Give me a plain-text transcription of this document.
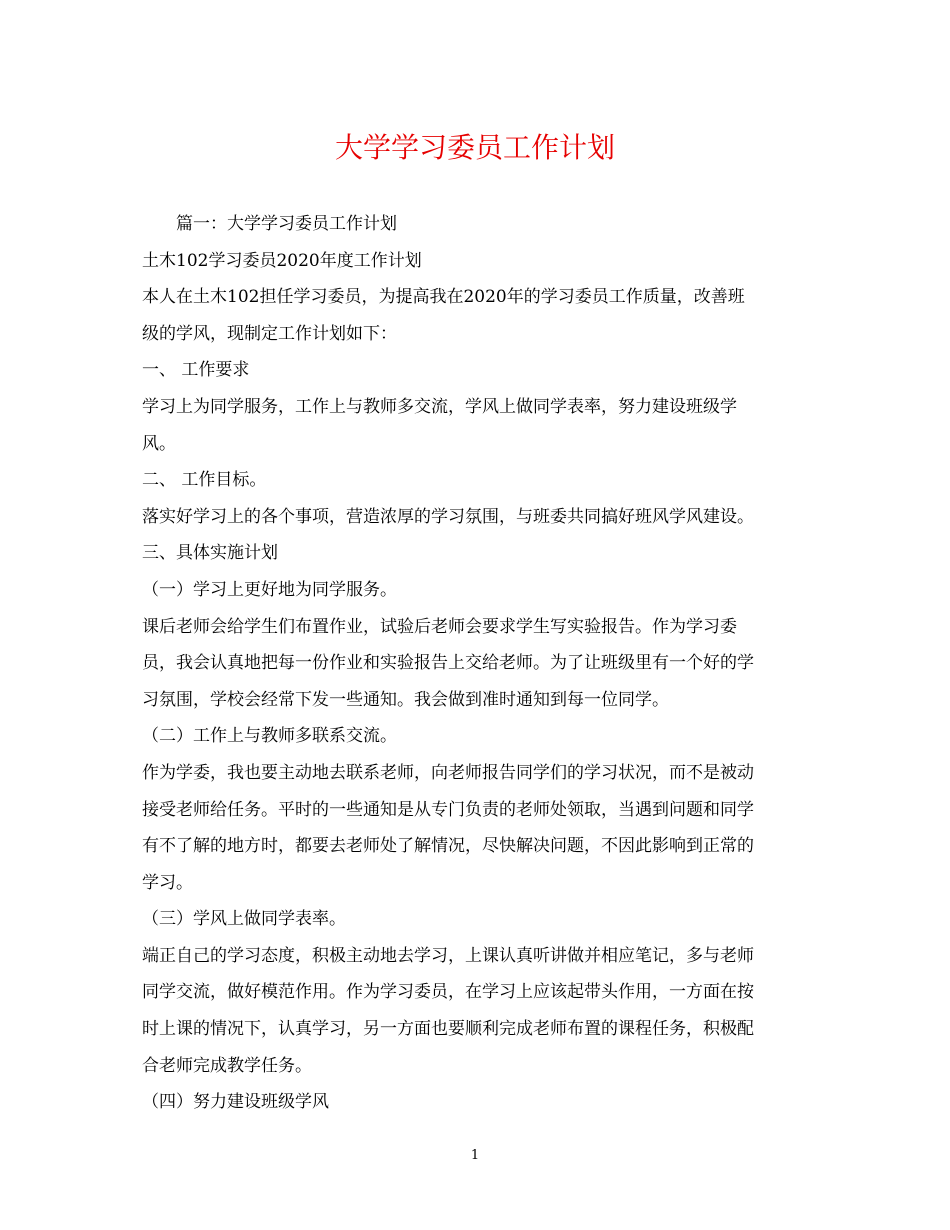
大学学习委员工作计划
篇一：大学学习委员工作计划
土木102学习委员2020年度工作计划
本人在土木102担任学习委员，为提高我在2020年的学习委员工作质量，改善班
级的学风，现制定工作计划如下：
一、 工作要求
学习上为同学服务，工作上与教师多交流，学风上做同学表率，努力建设班级学
风。
二、 工作目标。
落实好学习上的各个事项，营造浓厚的学习氛围，与班委共同搞好班风学风建设。
三、具体实施计划
（一）学习上更好地为同学服务。
课后老师会给学生们布置作业，试验后老师会要求学生写实验报告。作为学习委
员，我会认真地把每一份作业和实验报告上交给老师。为了让班级里有一个好的学
习氛围，学校会经常下发一些通知。我会做到准时通知到每一位同学。
（二）工作上与教师多联系交流。
作为学委，我也要主动地去联系老师，向老师报告同学们的学习状况，而不是被动
接受老师给任务。平时的一些通知是从专门负责的老师处领取，当遇到问题和同学
有不了解的地方时，都要去老师处了解情况，尽快解决问题，不因此影响到正常的
学习。
（三）学风上做同学表率。
端正自己的学习态度，积极主动地去学习，上课认真听讲做并相应笔记，多与老师
同学交流，做好模范作用。作为学习委员，在学习上应该起带头作用，一方面在按
时上课的情况下，认真学习，另一方面也要顺利完成老师布置的课程任务，积极配
合老师完成教学任务。
（四）努力建设班级学风
1
